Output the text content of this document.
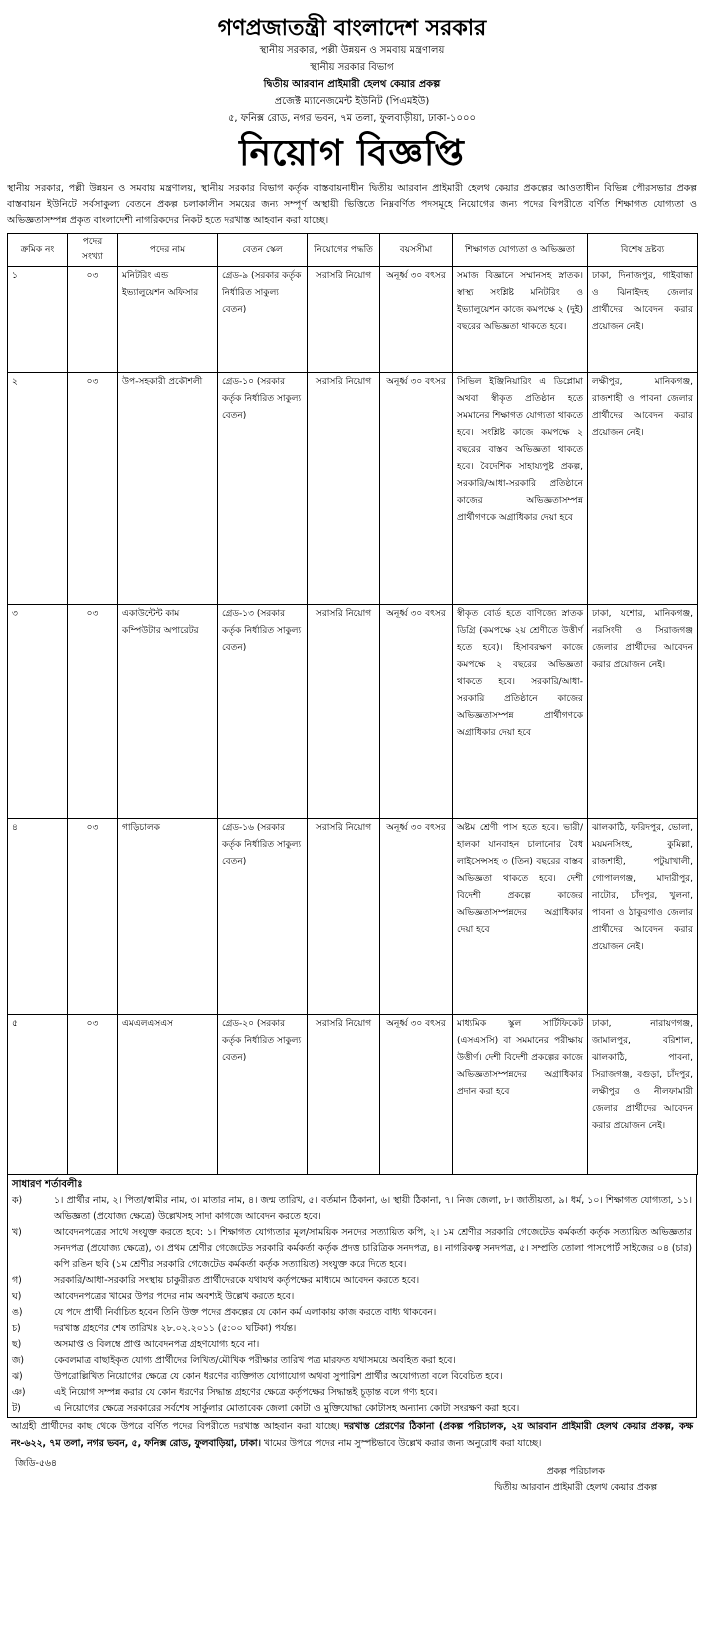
গণপ্রজাতন্ত্রী বাংলাদেশ সরকার
স্থানীয় সরকার, পল্লী উন্নয়ন ও সমবায় মন্ত্রণালয়
স্থানীয় সরকার বিভাগ
দ্বিতীয় আরবান প্রাইমারী হেলথ কেয়ার প্রকল্প
প্রজেক্ট ম্যানেজমেন্ট ইউনিট (পিএমইউ)
৫, ফনিক্স রোড, নগর ভবন, ৭ম তলা, ফুলবাড়ীয়া, ঢাকা-১০০০
নিয়োগ বিজ্ঞপ্তি
স্থানীয় সরকার, পল্লী উন্নয়ন ও সমবায় মন্ত্রণালয়, স্থানীয় সরকার বিভাগ কর্তৃক বাস্তবায়নাধীন দ্বিতীয় আরবান প্রাইমারী হেলথ কেয়ার প্রকল্পের আওতাধীন বিভিন্ন পৌরসভার প্রকল্প বাস্তবায়ন ইউনিটে সর্বসাকুল্য বেতনে প্রকল্প চলাকালীন সময়ের জন্য সম্পূর্ণ অস্থায়ী ভিত্তিতে নিম্নবর্ণিত পদসমূহে নিয়োগের জন্য পদের বিপরীতে বর্ণিত শিক্ষাগত যোগ্যতা ও অভিজ্ঞতাসম্পন্ন প্রকৃত বাংলাদেশী নাগরিকদের নিকট হতে দরখাস্ত আহবান করা যাচ্ছে।
ক্রমিক নং	পদের সংখ্যা	পদের নাম	বেতন স্কেল	নিয়োগের পদ্ধতি	বয়সসীমা	শিক্ষাগত যোগ্যতা ও অভিজ্ঞতা	বিশেষ দ্রষ্টব্য
১	০৩	মনিটরিং এন্ড ইভ্যালুয়েশন অফিসার	গ্রেড-৯ (সরকার কর্তৃক নির্ধারিত সাকুল্য বেতন)	সরাসরি নিয়োগ	অনূর্ধ্ব ৩০ বৎসর	সমাজ বিজ্ঞানে সম্মানসহ স্নাতক। স্বাস্থ্য সংশ্লিষ্ট মনিটরিং ও ইভ্যালুয়েশন কাজে কমপক্ষে ২ (দুই) বছরের অভিজ্ঞতা থাকতে হবে।	ঢাকা, দিনাজপুর, গাইবান্ধা ও ঝিনাইদহ জেলার প্রার্থীদের আবেদন করার প্রয়োজন নেই।
২	০৩	উপ-সহকারী প্রকৌশলী	গ্রেড-১০ (সরকার কর্তৃক নির্ধারিত সাকুল্য বেতন)	সরাসরি নিয়োগ	অনূর্ধ্ব ৩০ বৎসর	সিভিল ইঞ্জিনিয়ারিং এ ডিপ্লোমা অথবা স্বীকৃত প্রতিষ্ঠান হতে সমমানের শিক্ষাগত যোগ্যতা থাকতে হবে। সংশ্লিষ্ট কাজে কমপক্ষে ২ বছরের বাস্তব অভিজ্ঞতা থাকতে হবে। বৈদেশিক সাহায্যপুষ্ট প্রকল্প, সরকারি/আধা-সরকারি প্রতিষ্ঠানে কাজের অভিজ্ঞতাসম্পন্ন প্রার্থীগণকে অগ্রাধিকার দেয়া হবে	লক্ষীপুর, মানিকগঞ্জ, রাজশাহী ও পাবনা জেলার প্রার্থীদের আবেদন করার প্রয়োজন নেই।
৩	০৩	একাউন্টেন্ট কাম কম্পিউটার অপারেটর	গ্রেড-১৩ (সরকার কর্তৃক নির্ধারিত সাকুল্য বেতন)	সরাসরি নিয়োগ	অনূর্ধ্ব ৩০ বৎসর	স্বীকৃত বোর্ড হতে বাণিজ্যে স্নাতক ডিগ্রি (কমপক্ষে ২য় শ্রেণীতে উত্তীর্ণ হতে হবে)। হিসাবরক্ষণ কাজে কমপক্ষে ২ বছরের অভিজ্ঞতা থাকতে হবে। সরকারি/আধা-সরকারি প্রতিষ্ঠানে কাজের অভিজ্ঞতাসম্পন্ন প্রার্থীগণকে অগ্রাধিকার দেয়া হবে	ঢাকা, যশোর, মানিকগঞ্জ, নরসিংদী ও সিরাজগঞ্জ জেলার প্রার্থীদের আবেদন করার প্রয়োজন নেই।
৪	০৩	গাড়িচালক	গ্রেড-১৬ (সরকার কর্তৃক নির্ধারিত সাকুল্য বেতন)	সরাসরি নিয়োগ	অনূর্ধ্ব ৩০ বৎসর	অষ্টম শ্রেণী পাস হতে হবে। ভারী/হালকা যানবাহন চালানোর বৈধ লাইসেন্সসহ ৩ (তিন) বছরের বাস্তব অভিজ্ঞতা থাকতে হবে। দেশী বিদেশী প্রকল্পে কাজের অভিজ্ঞতাসম্পন্নদের অগ্রাধিকার দেয়া হবে	ঝালকাঠি, ফরিদপুর, ভোলা, ময়মনসিংহ, কুমিল্লা, রাজশাহী, পটুয়াখালী, গোপালগঞ্জ, মাদারীপুর, নাটোর, চাঁদপুর, খুলনা, পাবনা ও ঠাকুরগাও জেলার প্রার্থীদের আবেদন করার প্রয়োজন নেই।
৫	০৩	এমএলএসএস	গ্রেড-২০ (সরকার কর্তৃক নির্ধারিত সাকুল্য বেতন)	সরাসরি নিয়োগ	অনূর্ধ্ব ৩০ বৎসর	মাধ্যমিক স্কুল সার্টিফিকেট (এসএসসি) বা সমমানের পরীক্ষায় উত্তীর্ণ। দেশী বিদেশী প্রকল্পের কাজে অভিজ্ঞতাসম্পন্নদের অগ্রাধিকার প্রদান করা হবে	ঢাকা, নারায়ণগঞ্জ, জামালপুর, বরিশাল, ঝালকাঠি, পাবনা, সিরাজগঞ্জ, বগুড়া, চাঁদপুর, লক্ষীপুর ও নীলফামারী জেলার প্রার্থীদের আবেদন করার প্রয়োজন নেই।
সাধারণ শর্তাবলীঃ
ক)	১। প্রার্থীর নাম, ২। পিতা/স্বামীর নাম, ৩। মাতার নাম, ৪। জন্ম তারিখ, ৫। বর্তমান ঠিকানা, ৬। স্থায়ী ঠিকানা, ৭। নিজ জেলা, ৮। জাতীয়তা, ৯। ধর্ম, ১০। শিক্ষাগত যোগ্যতা, ১১। অভিজ্ঞতা (প্রযোজ্য ক্ষেত্রে) উল্লেখসহ সাদা কাগজে আবেদন করতে হবে।
খ)	আবেদনপত্রের সাথে সংযুক্ত করতে হবে: ১। শিক্ষাগত যোগ্যতার মূল/সাময়িক সনদের সত্যায়িত কপি, ২। ১ম শ্রেণীর সরকারি গেজেটেড কর্মকর্তা কর্তৃক সত্যায়িত অভিজ্ঞতার সনদপত্র (প্রযোজ্য ক্ষেত্রে), ৩। প্রথম শ্রেণীর গেজেটেড সরকারি কর্মকর্তা কর্তৃক প্রদত্ত চারিত্রিক সনদপত্র, ৪। নাগরিকত্ব সনদপত্র, ৫। সম্প্রতি তোলা পাসপোর্ট সাইজের ০৪ (চার) কপি রঙিন ছবি (১ম শ্রেণীর সরকারি গেজেটেড কর্মকর্তা কর্তৃক সত্যায়িত) সংযুক্ত করে দিতে হবে।
গ)	সরকারি/আধা-সরকারি সংস্থায় চাকুরীরত প্রার্থীদেরকে যথাযথ কর্তৃপক্ষের মাধ্যমে আবেদন করতে হবে।
ঘ)	আবেদনপত্রের খামের উপর পদের নাম অবশ্যই উল্লেখ করতে হবে।
ঙ)	যে পদে প্রার্থী নির্বাচিত হবেন তিনি উক্ত পদের প্রকল্পের যে কোন কর্ম এলাকায় কাজ করতে বাধ্য থাকবেন।
চ)	দরখাস্ত গ্রহণের শেষ তারিখঃ ২৮.০২.২০১১ (৫:০০ ঘটিকা) পর্যন্ত।
ছ)	অসমাপ্ত ও বিলম্বে প্রাপ্ত আবেদনপত্র গ্রহণযোগ্য হবে না।
জ)	কেবলমাত্র বাছাইকৃত যোগ্য প্রার্থীদের লিখিত/মৌখিক পরীক্ষার তারিখ পত্র মারফত যথাসময়ে অবহিত করা হবে।
ঝ)	উপরোল্লিখিত নিয়োগের ক্ষেত্রে যে কোন ধরণের ব্যক্তিগত যোগাযোগ অথবা সুপারিশ প্রার্থীর অযোগ্যতা বলে বিবেচিত হবে।
ঞ)	এই নিয়োগ সম্পন্ন করার যে কোন ধরণের সিদ্ধান্ত গ্রহণের ক্ষেত্রে কর্তৃপক্ষের সিদ্ধান্তই চূড়ান্ত বলে গণ্য হবে।
ট)	এ নিয়োগের ক্ষেত্রে সরকারের সর্বশেষ সার্কুলার মোতাবেক জেলা কোটা ও মুক্তিযোদ্ধা কোটাসহ অন্যান্য কোটা সংরক্ষণ করা হবে।
আগ্রহী প্রার্থীদের কাছ থেকে উপরে বর্ণিত পদের বিপরীতে দরখাস্ত আহবান করা যাচ্ছে। দরখাস্ত প্রেরণের ঠিকানা (প্রকল্প পরিচালক, ২য় আরবান প্রাইমারী হেলথ কেয়ার প্রকল্প, কক্ষ নং-৬২২, ৭ম তলা, নগর ভবন, ৫, ফনিক্স রোড, ফুলবাড়িয়া, ঢাকা। খামের উপরে পদের নাম সুস্পষ্টভাবে উল্লেখ করার জন্য অনুরোধ করা যাচ্ছে।
জিডি-৫৬৪
প্রকল্প পরিচালক
দ্বিতীয় আরবান প্রাইমারী হেলথ কেয়ার প্রকল্প
